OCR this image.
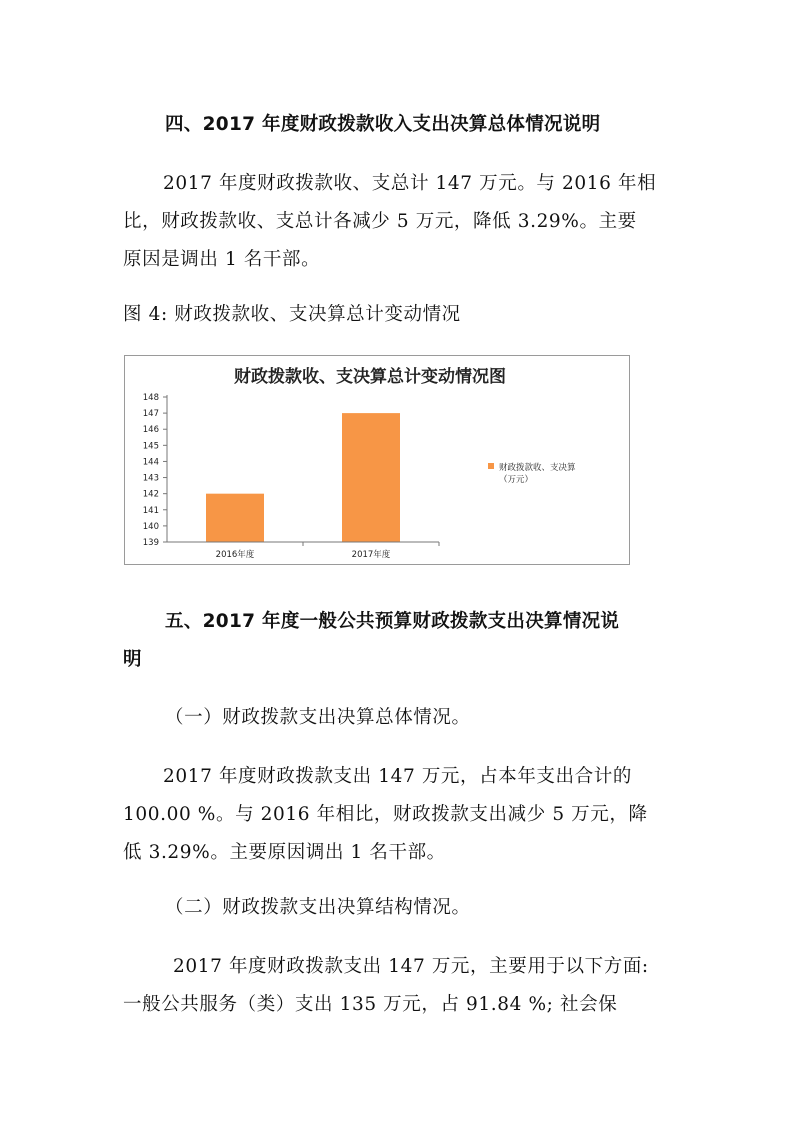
四、2017 年度财政拨款收入支出决算总体情况说明
2017 年度财政拨款收、支总计 147 万元。与 2016 年相
比，财政拨款收、支总计各减少 5 万元，降低 3.29%。主要
原因是调出 1 名干部。
图 4: 财政拨款收、支决算总计变动情况
财政拨款收、支决算总计变动情况图
139
140
141
142
143
144
145
146
147
148
2016年度	2017年度
财政拨款收、支决算
（万元）
五、2017 年度一般公共预算财政拨款支出决算情况说
明
（一）财政拨款支出决算总体情况。
2017 年度财政拨款支出 147 万元，占本年支出合计的
100.00 %。与 2016 年相比，财政拨款支出减少 5 万元，降
低 3.29%。主要原因调出 1 名干部。
（二）财政拨款支出决算结构情况。
2017 年度财政拨款支出 147 万元，主要用于以下方面:
一般公共服务（类）支出 135 万元，占 91.84 %; 社会保
